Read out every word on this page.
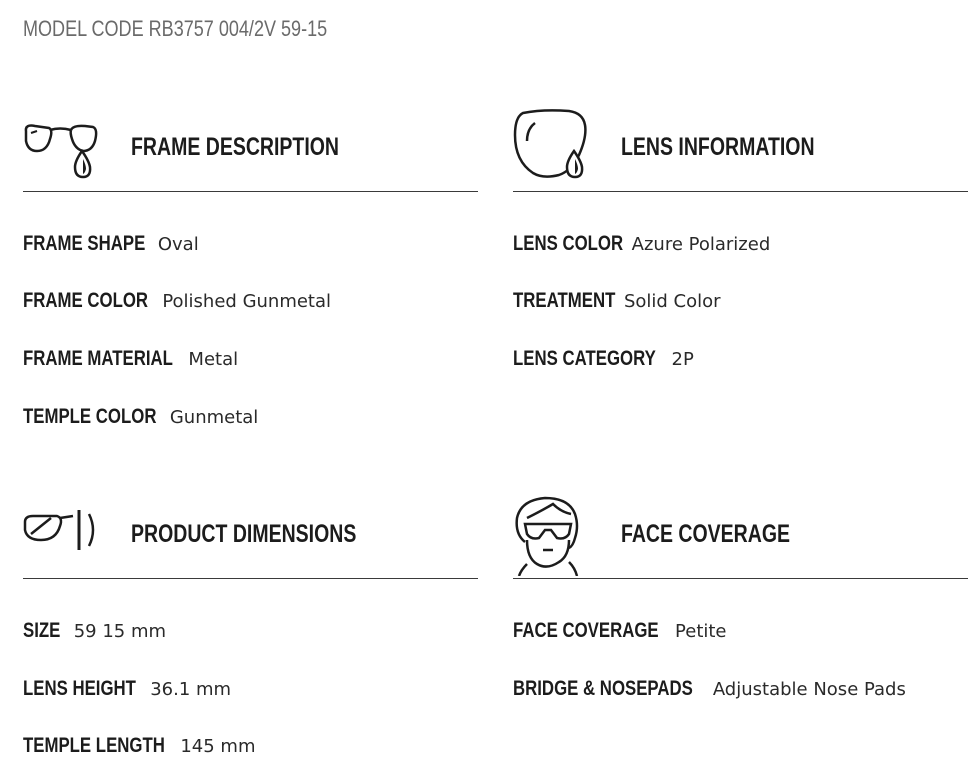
MODEL CODE RB3757 004/2V 59-15
FRAME DESCRIPTION
FRAME SHAPE Oval
FRAME COLOR Polished Gunmetal
FRAME MATERIAL Metal
TEMPLE COLOR Gunmetal
LENS INFORMATION
LENS COLOR Azure Polarized
TREATMENT Solid Color
LENS CATEGORY 2P
PRODUCT DIMENSIONS
SIZE 59 15 mm
LENS HEIGHT 36.1 mm
TEMPLE LENGTH 145 mm
FACE COVERAGE
FACE COVERAGE Petite
BRIDGE & NOSEPADS Adjustable Nose Pads
